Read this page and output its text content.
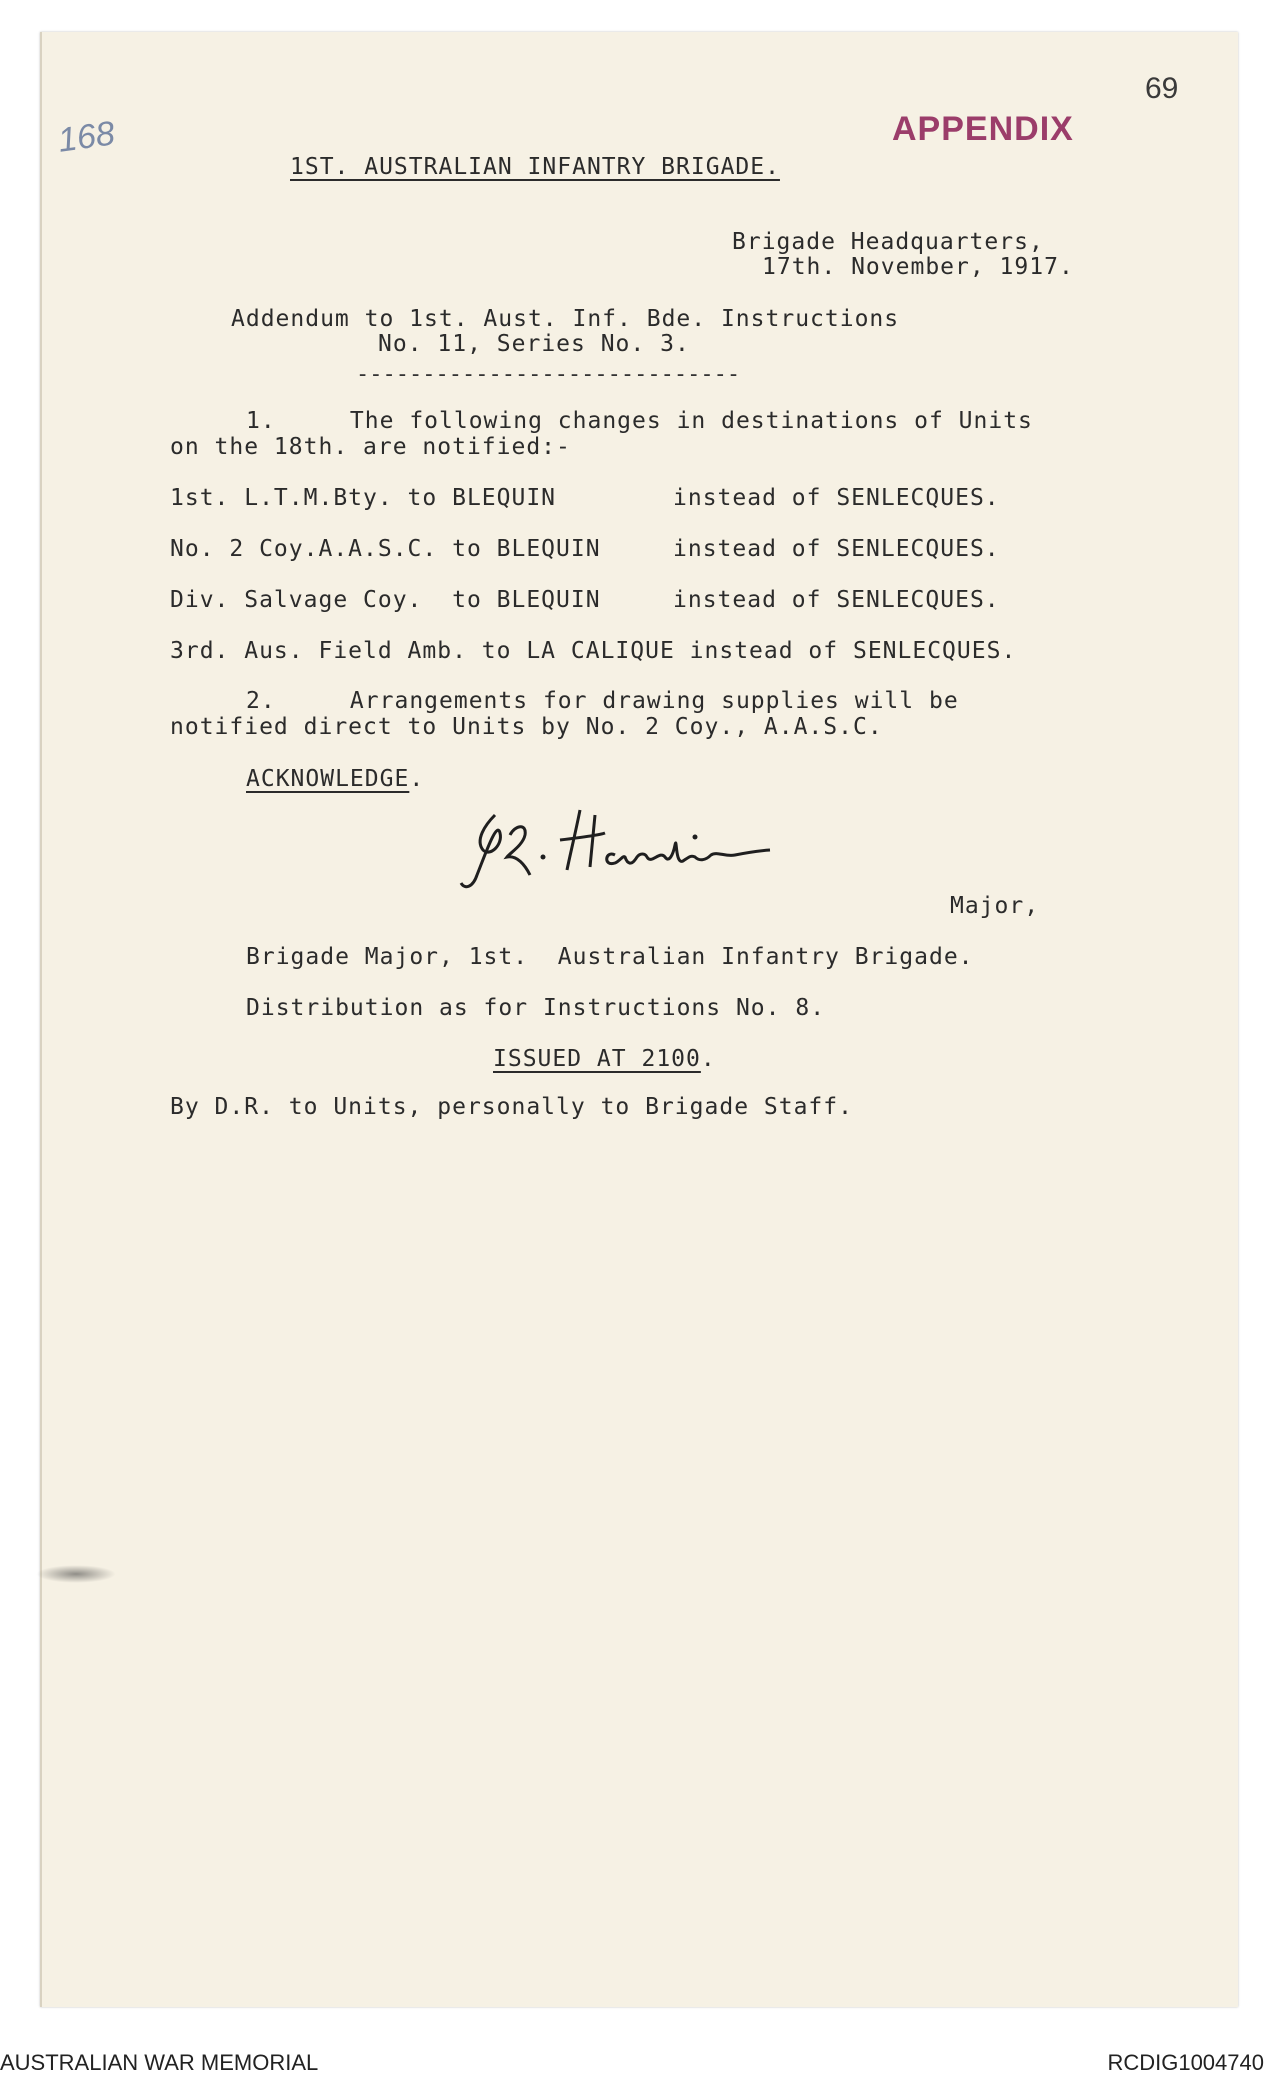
69
168	APPENDIX
1ST. AUSTRALIAN INFANTRY BRIGADE.
Brigade Headquarters,
17th. November, 1917.
Addendum to 1st. Aust. Inf. Bde. Instructions
No. 11, Series No. 3.
-----------------------------
1.     The following changes in destinations of Units
on the 18th. are notified:-
1st. L.T.M.Bty. to BLEQUIN	instead of SENLECQUES.
No. 2 Coy.A.A.S.C. to BLEQUIN	instead of SENLECQUES.
Div. Salvage Coy.  to BLEQUIN	instead of SENLECQUES.
3rd. Aus. Field Amb. to LA CALIQUE instead of SENLECQUES.
2.     Arrangements for drawing supplies will be
notified direct to Units by No. 2 Coy., A.A.S.C.
ACKNOWLEDGE.
R. Hardie
Major,
Brigade Major, 1st.  Australian Infantry Brigade.
Distribution as for Instructions No. 8.
ISSUED AT 2100.
By D.R. to Units, personally to Brigade Staff.
AUSTRALIAN WAR MEMORIAL	RCDIG1004740
